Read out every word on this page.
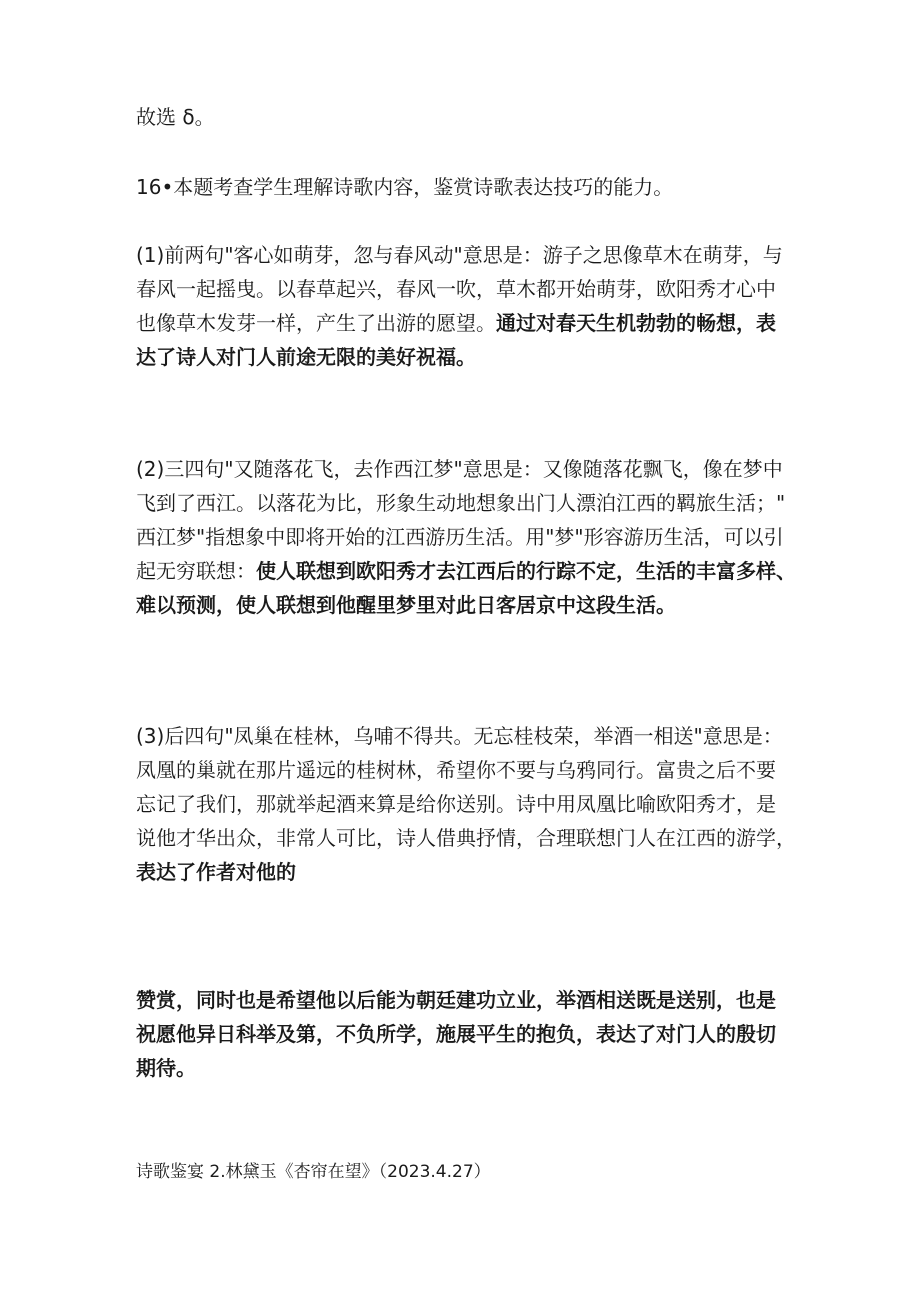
故选 δ。
16•本题考查学生理解诗歌内容，鉴赏诗歌表达技巧的能力。
(1)前两句"客心如萌芽，忽与春风动"意思是：游子之思像草木在萌芽，与
春风一起摇曳。以春草起兴，春风一吹，草木都开始萌芽，欧阳秀才心中
也像草木发芽一样，产生了出游的愿望。通过对春天生机勃勃的畅想，表
达了诗人对门人前途无限的美好祝福。
(2)三四句"又随落花飞，去作西江梦"意思是：又像随落花飘飞，像在梦中
飞到了西江。以落花为比，形象生动地想象出门人漂泊江西的羁旅生活；"
西江梦"指想象中即将开始的江西游历生活。用"梦"形容游历生活，可以引
起无穷联想：使人联想到欧阳秀才去江西后的行踪不定，生活的丰富多样、
难以预测，使人联想到他醒里梦里对此日客居京中这段生活。
(3)后四句"凤巢在桂林，乌哺不得共。无忘桂枝荣，举酒一相送"意思是：
凤凰的巢就在那片遥远的桂树林，希望你不要与乌鸦同行。富贵之后不要
忘记了我们，那就举起酒来算是给你送别。诗中用凤凰比喻欧阳秀才，是
说他才华出众，非常人可比，诗人借典抒情，合理联想门人在江西的游学，
表达了作者对他的
赞赏，同时也是希望他以后能为朝廷建功立业，举酒相送既是送别，也是
祝愿他异日科举及第，不负所学，施展平生的抱负，表达了对门人的殷切
期待。
诗歌鉴宴 2.林黛玉《杏帘在望》（2023.4.27）
